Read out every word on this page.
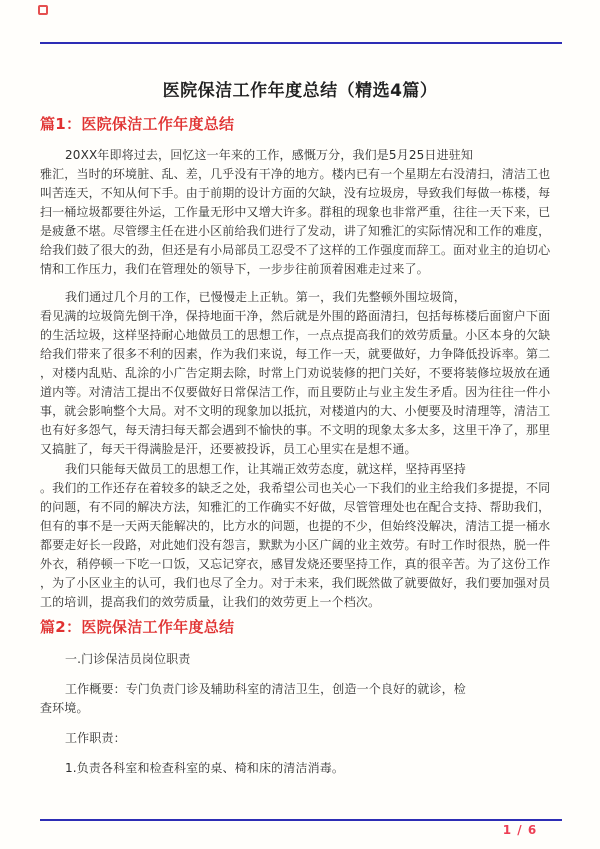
医院保洁工作年度总结（精选4篇）
篇1：医院保洁工作年度总结
20XX年即将过去，回忆这一年来的工作，感慨万分，我们是5月25日进驻知
雅汇，当时的环境脏、乱、差，几乎没有干净的地方。楼内已有一个星期左右没清扫，清洁工也
叫苦连天，不知从何下手。由于前期的设计方面的欠缺，没有垃圾房，导致我们每做一栋楼，每
扫一桶垃圾都要往外运，工作量无形中又增大许多。群租的现象也非常严重，往往一天下来，已
是疲惫不堪。尽管缪主任在进小区前给我们进行了发动，讲了知雅汇的实际情况和工作的难度，
给我们鼓了很大的劲，但还是有小局部员工忍受不了这样的工作强度而辞工。面对业主的迫切心
情和工作压力，我们在管理处的领导下，一步步往前顶着困难走过来了。
我们通过几个月的工作，已慢慢走上正轨。第一，我们先整顿外围垃圾筒，
看见满的垃圾筒先倒干净，保持地面干净，然后就是外围的路面清扫，包括每栋楼后面窗户下面
的生活垃圾，这样坚持耐心地做员工的思想工作，一点点提高我们的效劳质量。小区本身的欠缺
给我们带来了很多不利的因素，作为我们来说，每工作一天，就要做好，力争降低投诉率。第二
，对楼内乱贴、乱涂的小广告定期去除，时常上门劝说装修的把门关好，不要将装修垃圾放在通
道内等。对清洁工提出不仅要做好日常保洁工作，而且要防止与业主发生矛盾。因为往往一件小
事，就会影响整个大局。对不文明的现象加以抵抗，对楼道内的大、小便要及时清理等，清洁工
也有好多怨气，每天清扫每天都会遇到不愉快的事。不文明的现象太多太多，这里干净了，那里
又搞脏了，每天干得满脸是汗，还要被投诉，员工心里实在是想不通。
我们只能每天做员工的思想工作，让其端正效劳态度，就这样，坚持再坚持
。我们的工作还存在着较多的缺乏之处，我希望公司也关心一下我们的业主给我们多提提，不同
的问题，有不同的解决方法，知雅汇的工作确实不好做，尽管管理处也在配合支持、帮助我们，
但有的事不是一天两天能解决的，比方水的问题，也提的不少，但始终没解决，清洁工提一桶水
都要走好长一段路，对此她们没有怨言，默默为小区广阔的业主效劳。有时工作时很热，脱一件
外衣，稍停顿一下吃一口饭，又忘记穿衣，感冒发烧还要坚持工作，真的很辛苦。为了这份工作
，为了小区业主的认可，我们也尽了全力。对于未来，我们既然做了就要做好，我们要加强对员
工的培训，提高我们的效劳质量，让我们的效劳更上一个档次。
篇2：医院保洁工作年度总结
一.门诊保洁员岗位职责
工作概要：专门负责门诊及辅助科室的清洁卫生，创造一个良好的就诊，检
查环境。
工作职责：
1.负责各科室和检查科室的桌、椅和床的清洁消毒。
1 / 6
